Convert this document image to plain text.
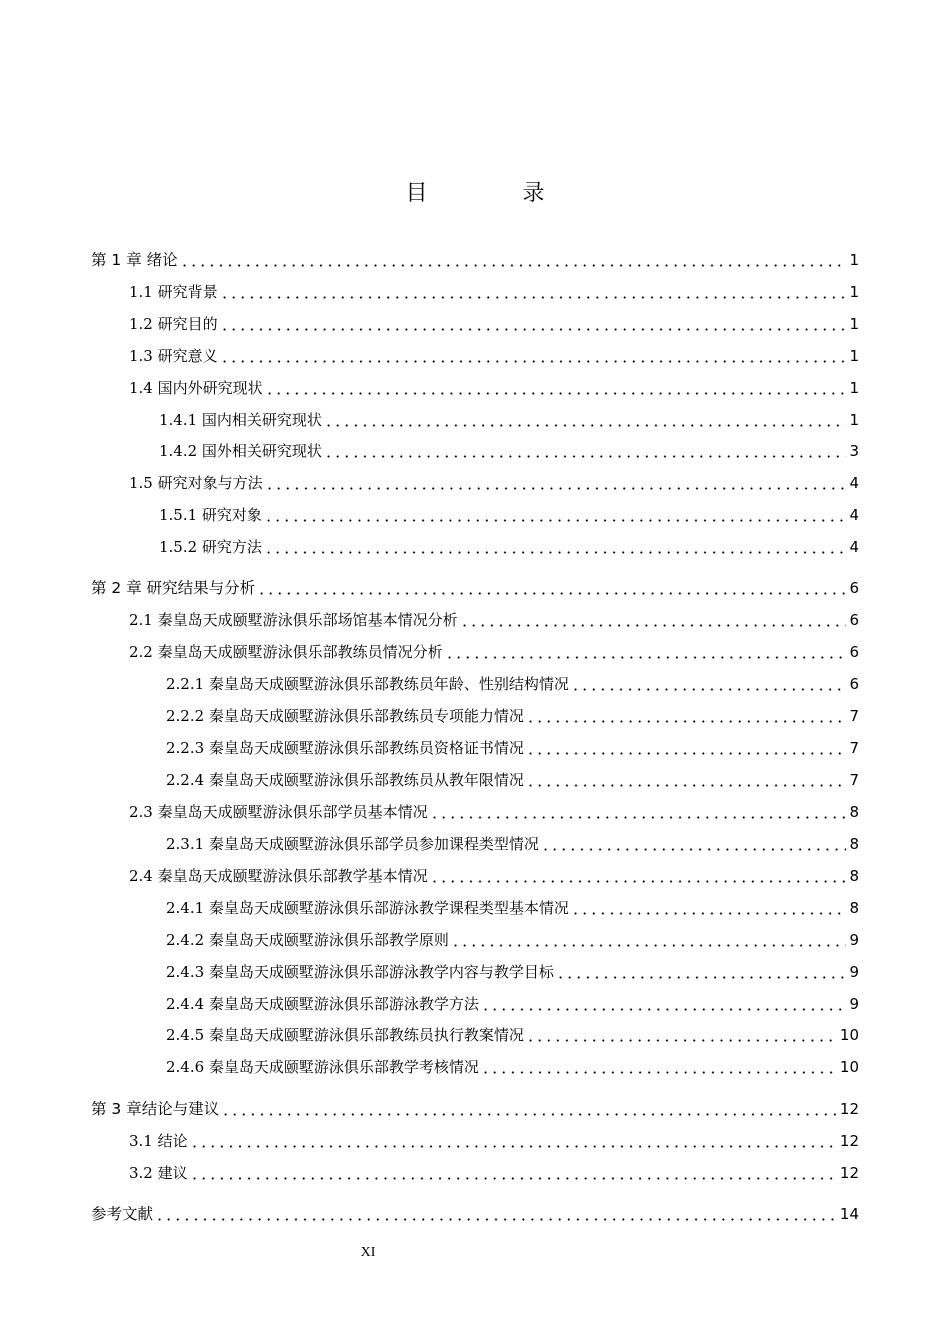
目 录
第 1 章 绪论	1
1.1 研究背景	1
1.2 研究目的	1
1.3 研究意义	1
1.4 国内外研究现状	1
1.4.1 国内相关研究现状	1
1.4.2 国外相关研究现状	3
1.5 研究对象与方法	4
1.5.1 研究对象	4
1.5.2 研究方法	4
第 2 章 研究结果与分析	6
2.1 秦皇岛天成颐墅游泳俱乐部场馆基本情况分析	6
2.2 秦皇岛天成颐墅游泳俱乐部教练员情况分析	6
2.2.1 秦皇岛天成颐墅游泳俱乐部教练员年龄、性别结构情况	6
2.2.2 秦皇岛天成颐墅游泳俱乐部教练员专项能力情况	7
2.2.3 秦皇岛天成颐墅游泳俱乐部教练员资格证书情况	7
2.2.4 秦皇岛天成颐墅游泳俱乐部教练员从教年限情况	7
2.3 秦皇岛天成颐墅游泳俱乐部学员基本情况	8
2.3.1 秦皇岛天成颐墅游泳俱乐部学员参加课程类型情况	8
2.4 秦皇岛天成颐墅游泳俱乐部教学基本情况	8
2.4.1 秦皇岛天成颐墅游泳俱乐部游泳教学课程类型基本情况	8
2.4.2 秦皇岛天成颐墅游泳俱乐部教学原则	9
2.4.3 秦皇岛天成颐墅游泳俱乐部游泳教学内容与教学目标	9
2.4.4 秦皇岛天成颐墅游泳俱乐部游泳教学方法	9
2.4.5 秦皇岛天成颐墅游泳俱乐部教练员执行教案情况	10
2.4.6 秦皇岛天成颐墅游泳俱乐部教学考核情况	10
第 3 章结论与建议	12
3.1 结论	12
3.2 建议	12
参考文献	14
XI
